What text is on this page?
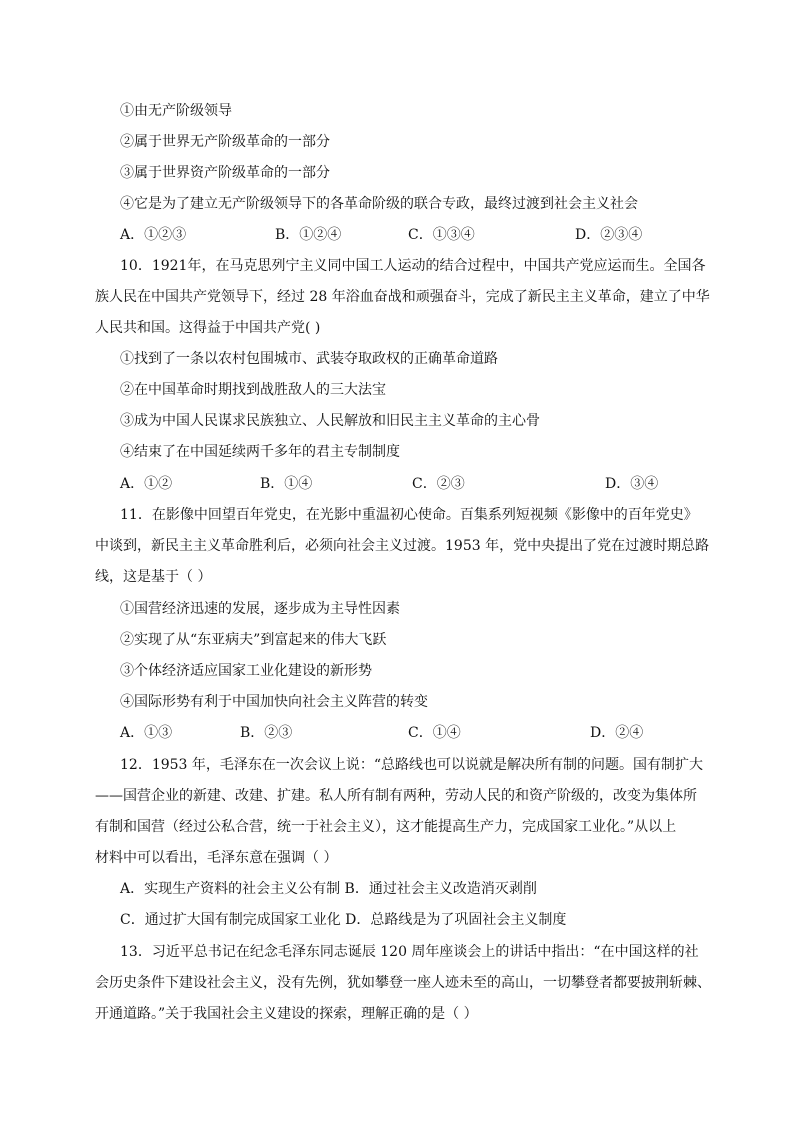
①由无产阶级领导
②属于世界无产阶级革命的一部分
③属于世界资产阶级革命的一部分
④它是为了建立无产阶级领导下的各革命阶级的联合专政，最终过渡到社会主义社会
A．①②③	B．①②④	C．①③④	D．②③④
10．1921年，在马克思列宁主义同中国工人运动的结合过程中，中国共产党应运而生。全国各
族人民在中国共产党领导下，经过 28 年浴血奋战和顽强奋斗，完成了新民主主义革命，建立了中华
人民共和国。这得益于中国共产党( )
①找到了一条以农村包围城市、武装夺取政权的正确革命道路
②在中国革命时期找到战胜敌人的三大法宝
③成为中国人民谋求民族独立、人民解放和旧民主主义革命的主心骨
④结束了在中国延续两千多年的君主专制制度
A．①②	B．①④	C．②③	D．③④
11．在影像中回望百年党史，在光影中重温初心使命。百集系列短视频《影像中的百年党史》
中谈到，新民主主义革命胜利后，必须向社会主义过渡。1953 年，党中央提出了党在过渡时期总路
线，这是基于（ ）
①国营经济迅速的发展，逐步成为主导性因素
②实现了从“东亚病夫”到富起来的伟大飞跃
③个体经济适应国家工业化建设的新形势
④国际形势有利于中国加快向社会主义阵营的转变
A．①③	B．②③	C．①④	D．②④
12．1953 年，毛泽东在一次会议上说：“总路线也可以说就是解决所有制的问题。国有制扩大
——国营企业的新建、改建、扩建。私人所有制有两种，劳动人民的和资产阶级的，改变为集体所
有制和国营（经过公私合营，统一于社会主义），这才能提高生产力，完成国家工业化。”从以上
材料中可以看出，毛泽东意在强调（ ）
A．实现生产资料的社会主义公有制 B．通过社会主义改造消灭剥削
C．通过扩大国有制完成国家工业化 D．总路线是为了巩固社会主义制度
13．习近平总书记在纪念毛泽东同志诞辰 120 周年座谈会上的讲话中指出：“在中国这样的社
会历史条件下建设社会主义，没有先例，犹如攀登一座人迹未至的高山，一切攀登者都要披荆斩棘、
开通道路。”关于我国社会主义建设的探索，理解正确的是（ ）
